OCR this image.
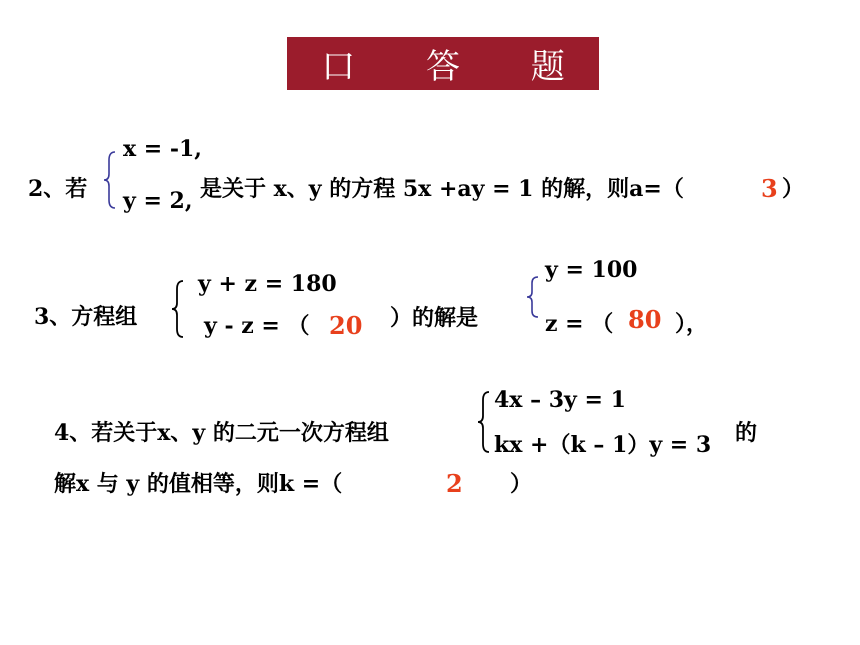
口 答 题
2、若
x = -1,
y = 2, 是关于 x、y 的方程 5x +ay = 1 的解，则a=（	3 ）
3、方程组
y + z = 180
y - z = （ 20 ）的解是
y = 100
z = （ 80 ），
4、若关于x、y 的二元一次方程组
4x – 3y = 1
kx +（k – 1）y = 3 的
解x 与 y 的值相等，则k =（	2 ）
